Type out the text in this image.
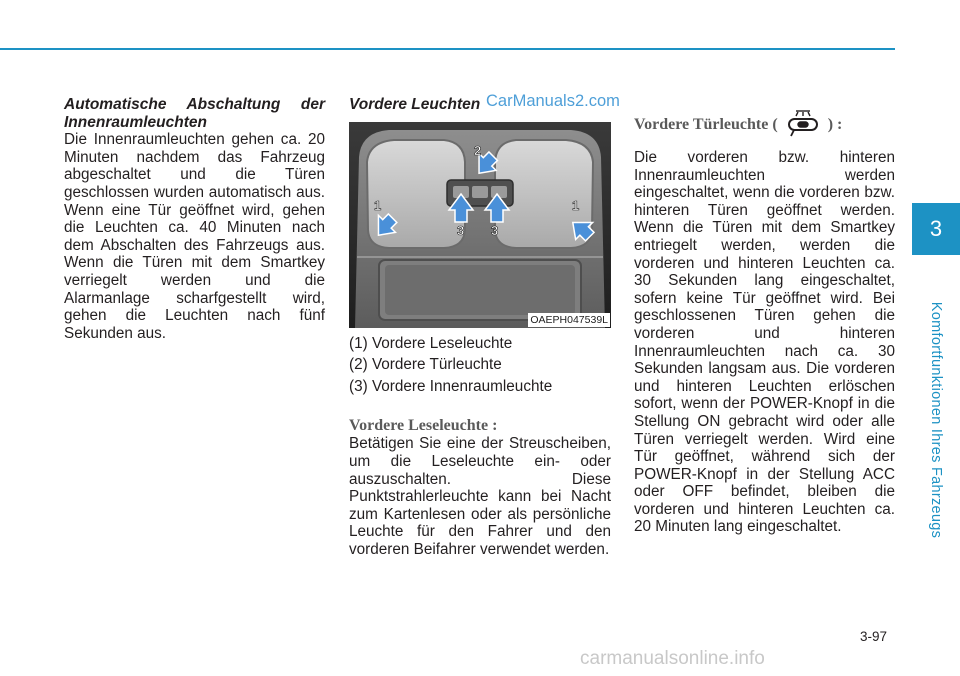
Automatische Abschaltung der Innenraumleuchten

Die Innenraumleuchten gehen ca. 20 Minuten nachdem das Fahrzeug abgeschaltet und die Türen geschlossen wurden automatisch aus. Wenn eine Tür geöffnet wird, gehen die Leuchten ca. 40 Minuten nach dem Abschalten des Fahrzeugs aus. Wenn die Türen mit dem Smartkey verriegelt werden und die Alarmanlage scharfgestellt wird, gehen die Leuchten nach fünf Sekunden aus.

Vordere Leuchten

1
2
3 3
1
OAEPH047539L

(1) Vordere Leseleuchte

(2) Vordere Türleuchte

(3) Vordere Innenraumleuchte

Vordere Leseleuchte :

Betätigen Sie eine der Streuscheiben, um die Leseleuchte ein- oder auszuschalten. Diese Punktstrahlerleuchte kann bei Nacht zum Kartenlesen oder als persönliche Leuchte für den Fahrer und den vorderen Beifahrer verwendet werden.

CarManuals2.com

Vordere Türleuchte (	) :

Die vorderen bzw. hinteren Innenraumleuchten werden eingeschaltet, wenn die vorderen bzw. hinteren Türen geöffnet werden. Wenn die Türen mit dem Smartkey entriegelt werden, werden die vorderen und hinteren Leuchten ca. 30 Sekunden lang eingeschaltet, sofern keine Tür geöffnet wird. Bei geschlossenen Türen gehen die vorderen und hinteren Innenraumleuchten nach ca. 30 Sekunden langsam aus. Die vorderen und hinteren Leuchten erlöschen sofort, wenn der POWER-Knopf in die Stellung ON gebracht wird oder alle Türen verriegelt werden. Wird eine Tür geöffnet, während sich der POWER-Knopf in der Stellung ACC oder OFF befindet, bleiben die vorderen und hinteren Leuchten ca. 20 Minuten lang eingeschaltet.

3
Komfortfunktionen Ihres Fahrzeugs
3-97
carmanualsonline.info
